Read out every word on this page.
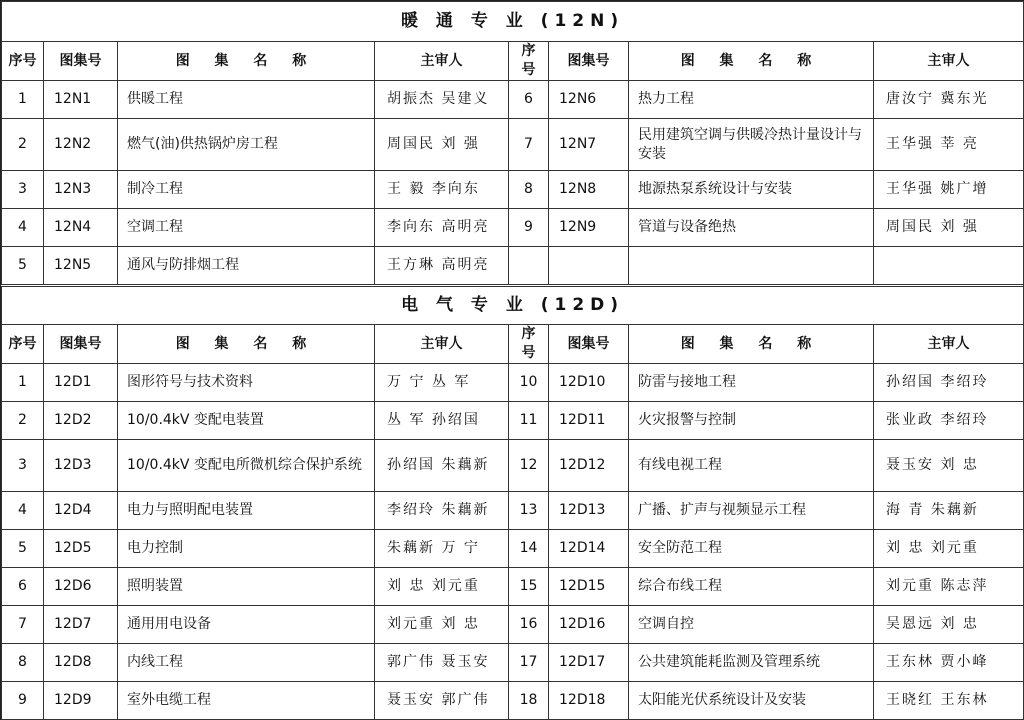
暖 通 专 业 (12N)							
序号	图集号	图 集 名 称	主审人	序号	图集号	图 集 名 称	主审人
1	12N1	供暖工程	胡振杰 吴建义	6	12N6	热力工程	唐汝宁 冀东光
2	12N2	燃气(油)供热锅炉房工程	周国民 刘 强	7	12N7	民用建筑空调与供暖冷热计量设计与安装	王华强 莘 亮
3	12N3	制冷工程	王 毅 李向东	8	12N8	地源热泵系统设计与安装	王华强 姚广增
4	12N4	空调工程	李向东 高明亮	9	12N9	管道与设备绝热	周国民 刘 强
5	12N5	通风与防排烟工程	王方琳 高明亮				
电 气 专 业 (12D)							
序号	图集号	图 集 名 称	主审人	序号	图集号	图 集 名 称	主审人
1	12D1	图形符号与技术资料	万 宁 丛 军	10	12D10	防雷与接地工程	孙绍国 李绍玲
2	12D2	10/0.4kV 变配电装置	丛 军 孙绍国	11	12D11	火灾报警与控制	张业政 李绍玲
3	12D3	10/0.4kV 变配电所微机综合保护系统	孙绍国 朱藕新	12	12D12	有线电视工程	聂玉安 刘 忠
4	12D4	电力与照明配电装置	李绍玲 朱藕新	13	12D13	广播、扩声与视频显示工程	海 青 朱藕新
5	12D5	电力控制	朱藕新 万 宁	14	12D14	安全防范工程	刘 忠 刘元重
6	12D6	照明装置	刘 忠 刘元重	15	12D15	综合布线工程	刘元重 陈志萍
7	12D7	通用用电设备	刘元重 刘 忠	16	12D16	空调自控	吴恩远 刘 忠
8	12D8	内线工程	郭广伟 聂玉安	17	12D17	公共建筑能耗监测及管理系统	王东林 贾小峰
9	12D9	室外电缆工程	聂玉安 郭广伟	18	12D18	太阳能光伏系统设计及安装	王晓红 王东林
